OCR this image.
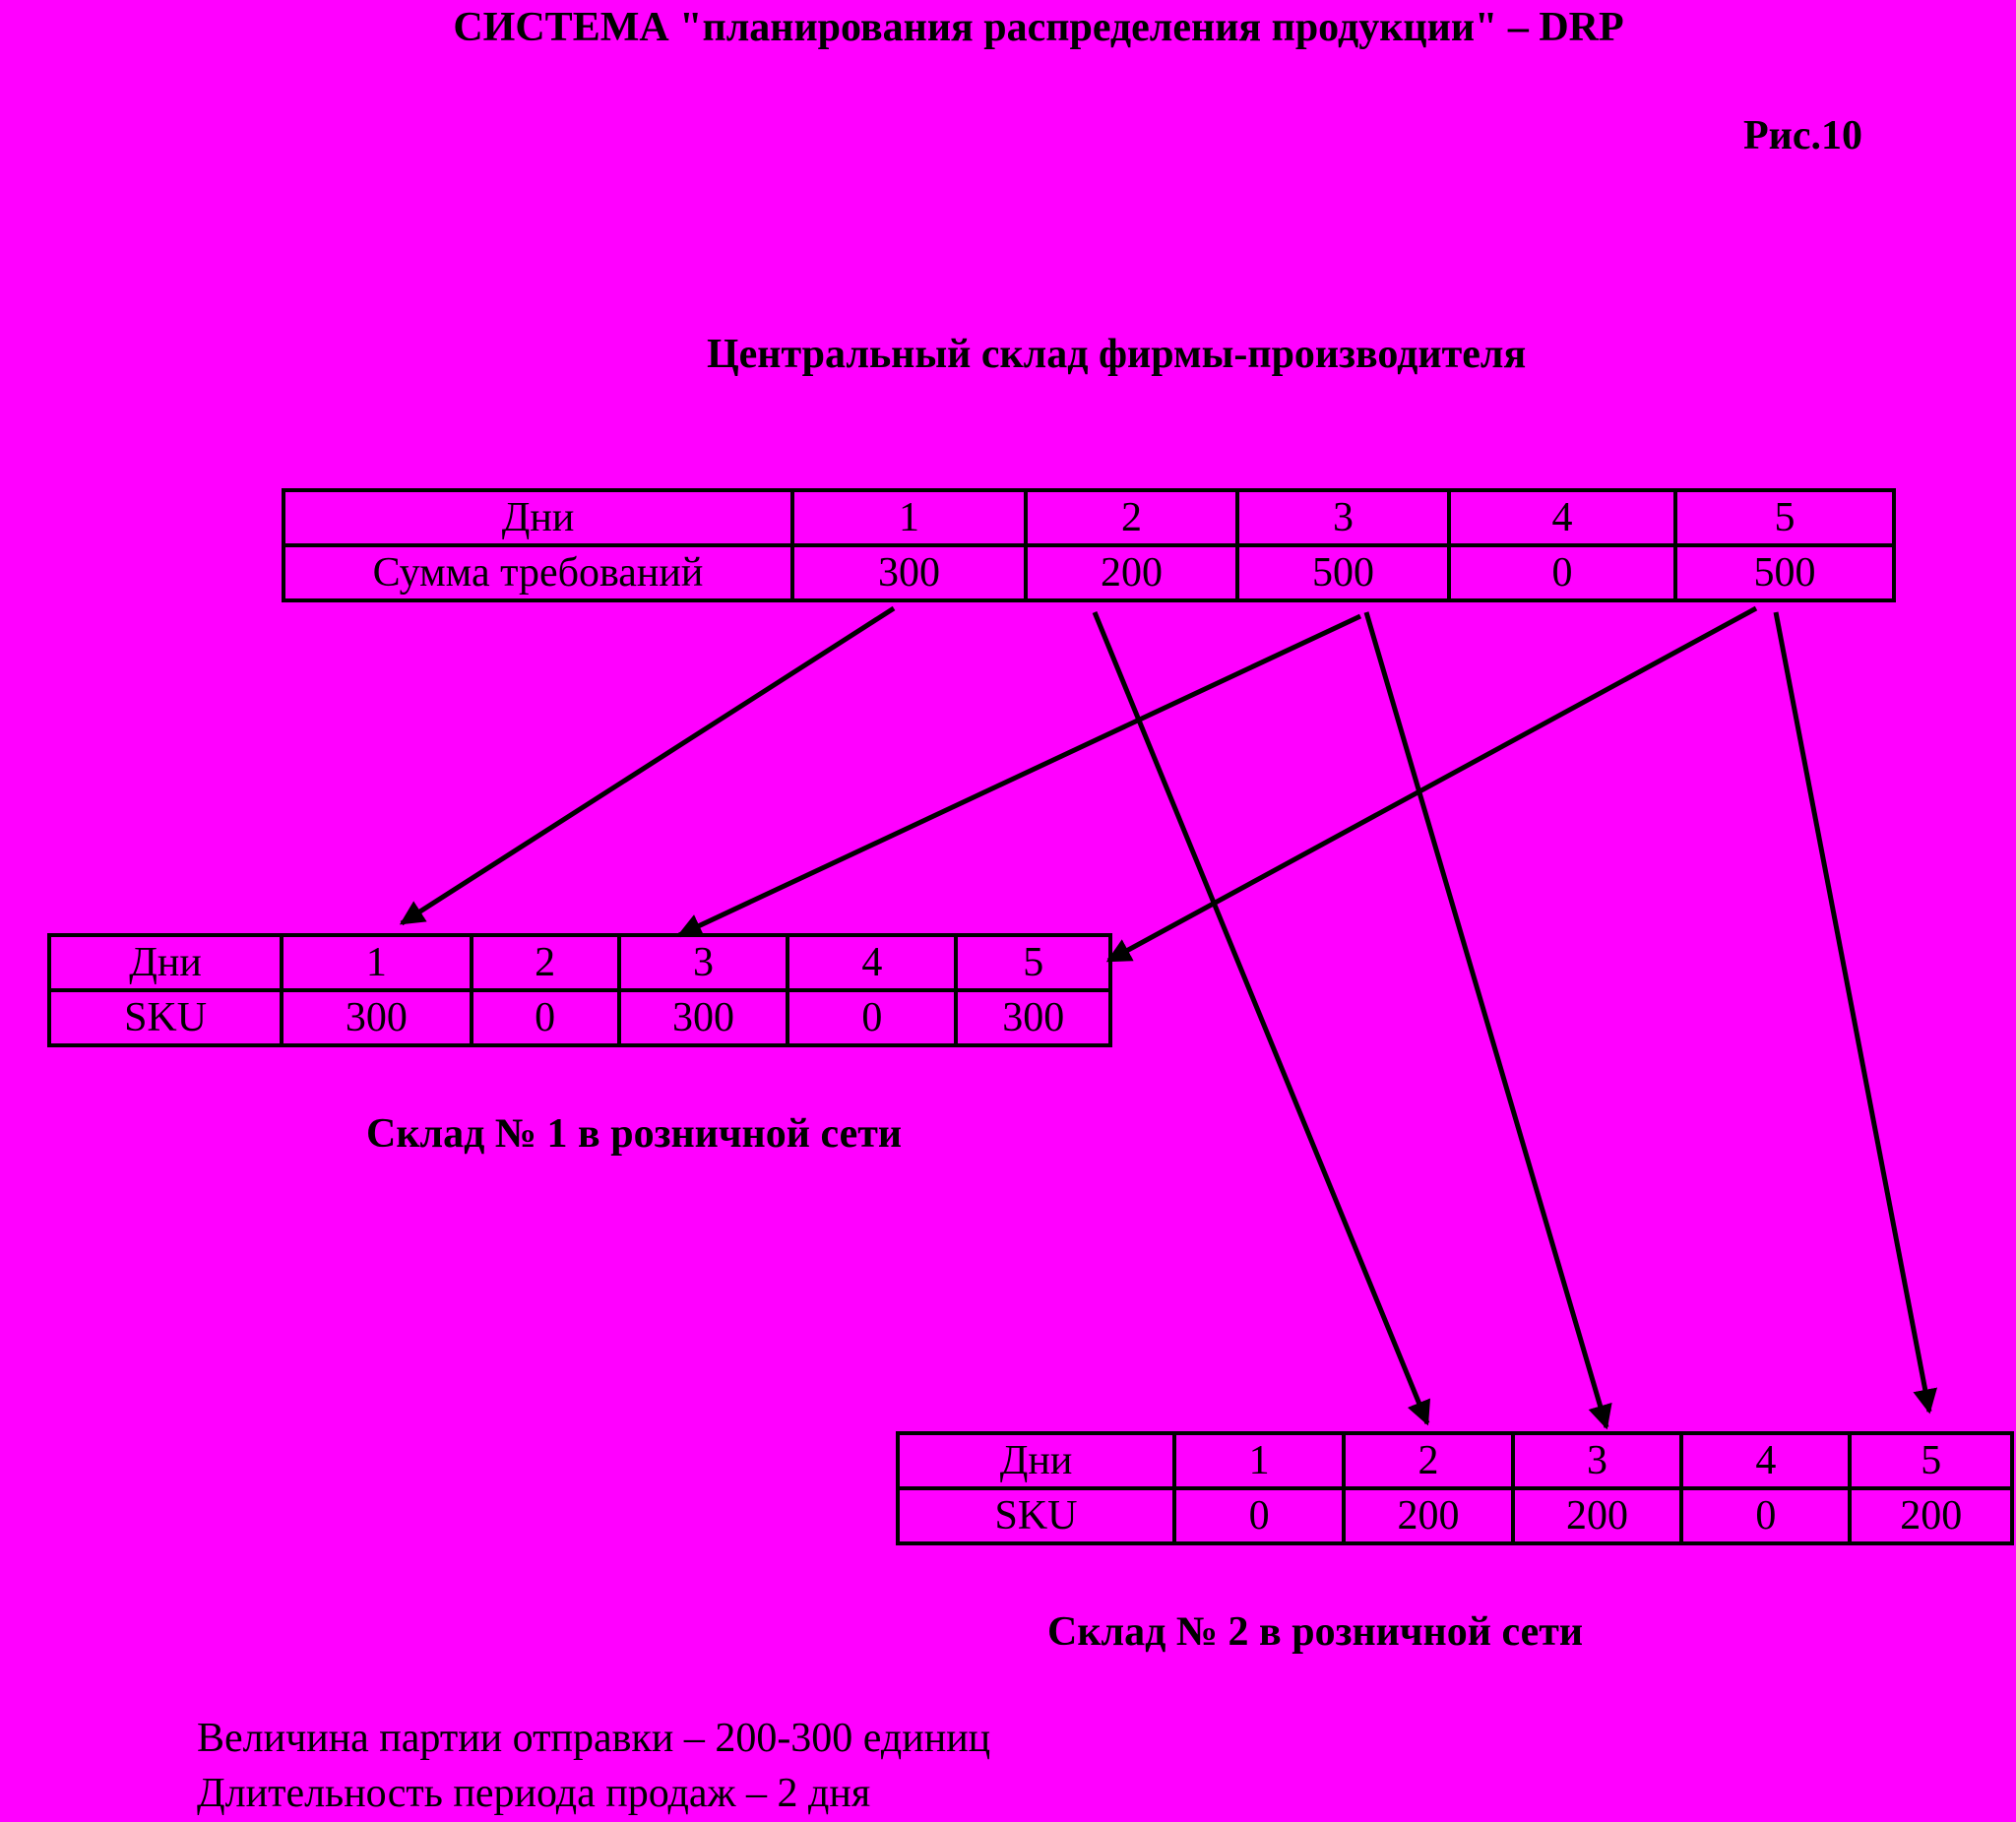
СИСТЕМА "планирования распределения продукции" – DRP
Рис.10
Центральный склад фирмы-производителя
Дни	1	2	3	4	5
Сумма требований	300	200	500	0	500
Дни	1	2	3	4	5
SKU	300	0	300	0	300
Склад № 1 в розничной сети
Дни	1	2	3	4	5
SKU	0	200	200	0	200
Склад № 2 в розничной сети
Величина партии отправки – 200-300 единиц
Длительность периода продаж – 2 дня
